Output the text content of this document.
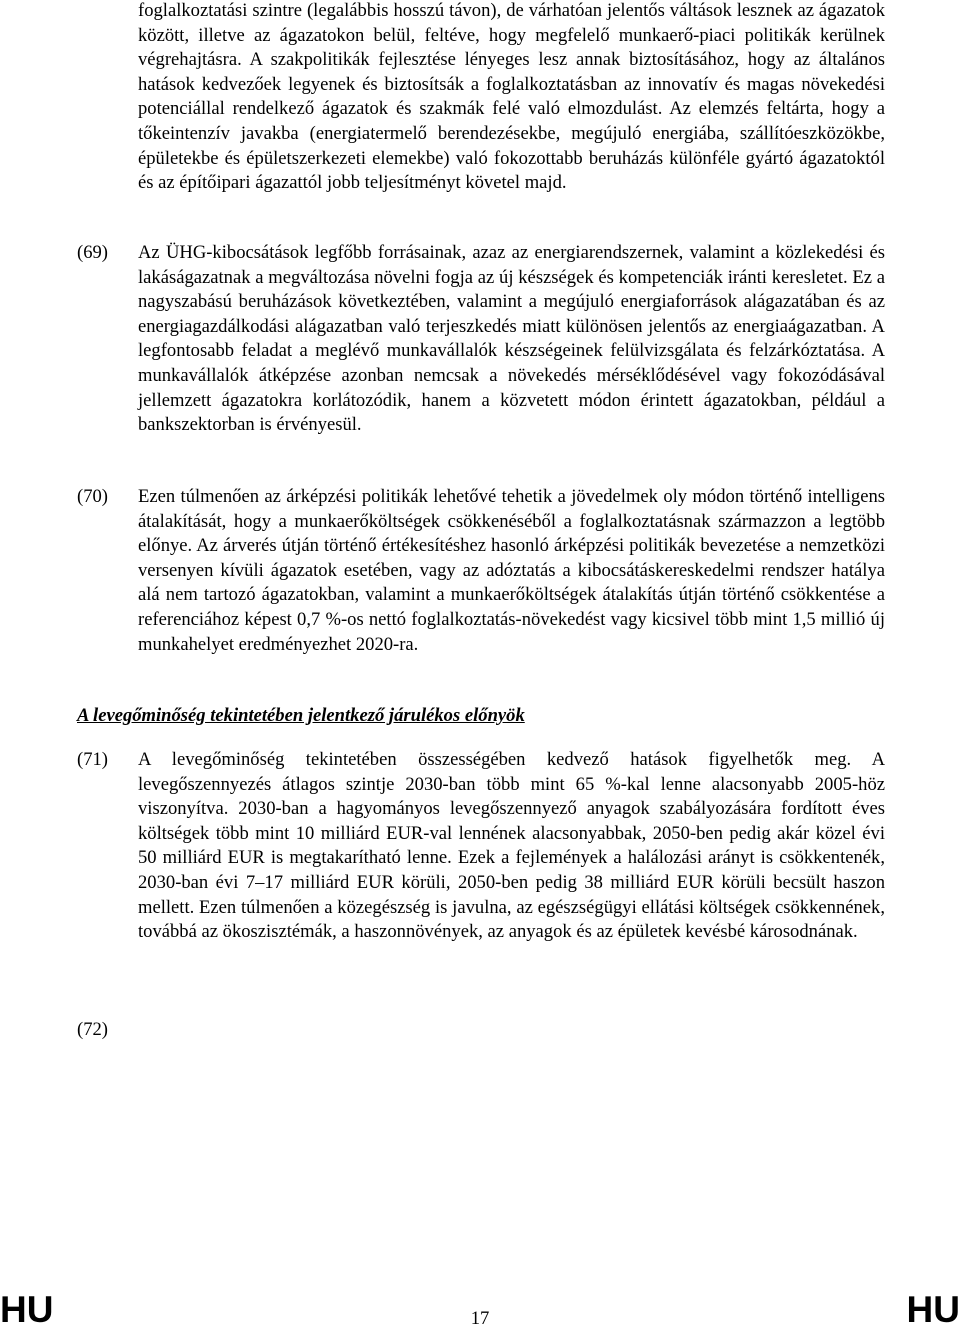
foglalkoztatási szintre (legalábbis hosszú távon), de várhatóan jelentős váltások lesznek az ágazatok között, illetve az ágazatokon belül, feltéve, hogy megfelelő munkaerő-piaci politikák kerülnek végrehajtásra. A szakpolitikák fejlesztése lényeges lesz annak biztosításához, hogy az általános hatások kedvezőek legyenek és biztosítsák a foglalkoztatásban az innovatív és magas növekedési potenciállal rendelkező ágazatok és szakmák felé való elmozdulást. Az elemzés feltárta, hogy a tőkeintenzív javakba (energiatermelő berendezésekbe, megújuló energiába, szállítóeszközökbe, épületekbe és épületszerkezeti elemekbe) való fokozottabb beruházás különféle gyártó ágazatoktól és az építőipari ágazattól jobb teljesítményt követel majd.
(69) Az ÜHG-kibocsátások legfőbb forrásainak, azaz az energiarendszernek, valamint a közlekedési és lakáságazatnak a megváltozása növelni fogja az új készségek és kompetenciák iránti keresletet. Ez a nagyszabású beruházások következtében, valamint a megújuló energiaforrások alágazatában és az energiagazdálkodási alágazatban való terjeszkedés miatt különösen jelentős az energiaágazatban. A legfontosabb feladat a meglévő munkavállalók készségeinek felülvizsgálata és felzárkóztatása. A munkavállalók átképzése azonban nemcsak a növekedés mérséklődésével vagy fokozódásával jellemzett ágazatokra korlátozódik, hanem a közvetett módon érintett ágazatokban, például a bankszektorban is érvényesül.
(70) Ezen túlmenően az árképzési politikák lehetővé tehetik a jövedelmek oly módon történő intelligens átalakítását, hogy a munkaerőköltségek csökkenéséből a foglalkoztatásnak származzon a legtöbb előnye. Az árverés útján történő értékesítéshez hasonló árképzési politikák bevezetése a nemzetközi versenyen kívüli ágazatok esetében, vagy az adóztatás a kibocsátáskereskedelmi rendszer hatálya alá nem tartozó ágazatokban, valamint a munkaerőköltségek átalakítás útján történő csökkentése a referenciához képest 0,7 %-os nettó foglalkoztatás-növekedést vagy kicsivel több mint 1,5 millió új munkahelyet eredményezhet 2020-ra.
A levegőminőség tekintetében jelentkező járulékos előnyök
(71) A levegőminőség tekintetében összességében kedvező hatások figyelhetők meg. A levegőszennyezés átlagos szintje 2030-ban több mint 65 %-kal lenne alacsonyabb 2005-höz viszonyítva. 2030-ban a hagyományos levegőszennyező anyagok szabályozására fordított éves költségek több mint 10 milliárd EUR-val lennének alacsonyabbak, 2050-ben pedig akár közel évi 50 milliárd EUR is megtakarítható lenne. Ezek a fejlemények a halálozási arányt is csökkentenék, 2030-ban évi 7–17 milliárd EUR körüli, 2050-ben pedig 38 milliárd EUR körüli becsült haszon mellett. Ezen túlmenően a közegészség is javulna, az egészségügyi ellátási költségek csökkennének, továbbá az ökoszisztémák, a haszonnövények, az anyagok és az épületek kevésbé károsodnának.
(72)
HU	17	HU
